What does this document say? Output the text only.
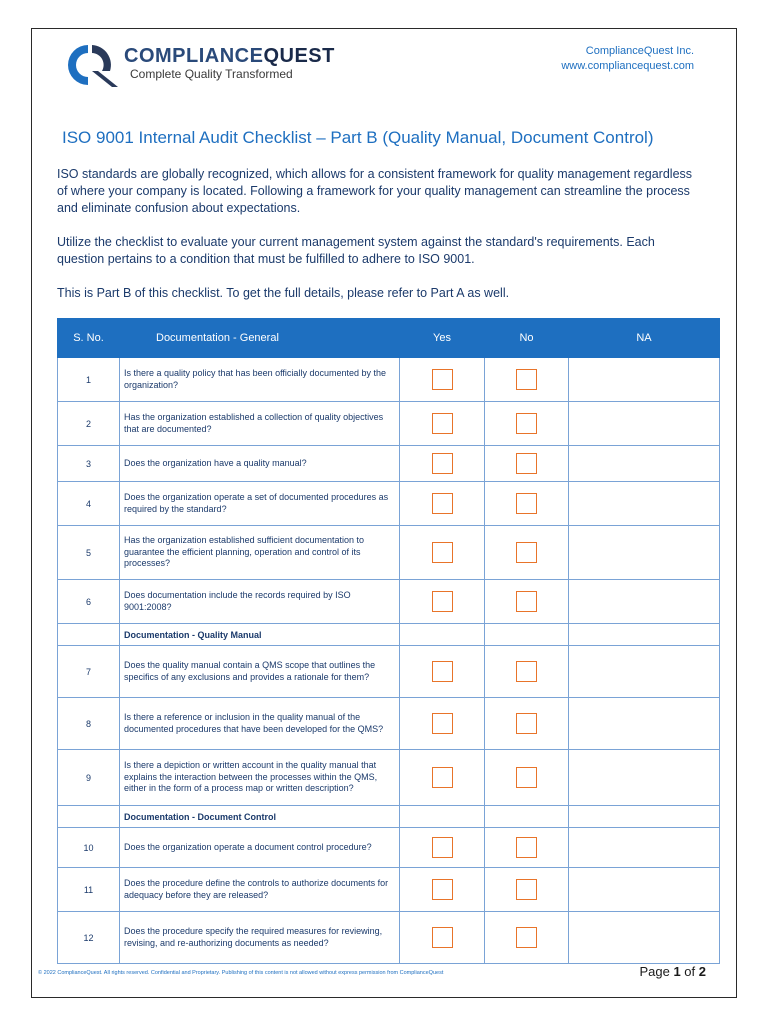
COMPLIANCEQUEST
Complete Quality Transformed
ComplianceQuest Inc.
www.compliancequest.com
ISO 9001 Internal Audit Checklist – Part B (Quality Manual, Document Control)

ISO standards are globally recognized, which allows for a consistent framework for quality management regardless of where your company is located. Following a framework for your quality management can streamline the process and eliminate confusion about expectations.

Utilize the checklist to evaluate your current management system against the standard's requirements. Each question pertains to a condition that must be fulfilled to adhere to ISO 9001.

This is Part B of this checklist. To get the full details, please refer to Part A as well.

S. No.	Documentation - General	Yes	No	NA
1	Is there a quality policy that has been officially documented by the organization?			
2	Has the organization established a collection of quality objectives that are documented?			
3	Does the organization have a quality manual?			
4	Does the organization operate a set of documented procedures as required by the standard?			
5	Has the organization established sufficient documentation to guarantee the efficient planning, operation and control of its processes?			
6	Does documentation include the records required by ISO 9001:2008?			
	Documentation - Quality Manual			
7	Does the quality manual contain a QMS scope that outlines the specifics of any exclusions and provides a rationale for them?			
8	Is there a reference or inclusion in the quality manual of the documented procedures that have been developed for the QMS?			
9	Is there a depiction or written account in the quality manual that explains the interaction between the processes within the QMS, either in the form of a process map or written description?			
	Documentation - Document Control			
10	Does the organization operate a document control procedure?			
11	Does the procedure define the controls to authorize documents for adequacy before they are released?			
12	Does the procedure specify the required measures for reviewing, revising, and re-authorizing documents as needed?			
© 2022 ComplianceQuest. All rights reserved. Confidential and Proprietary. Publishing of this content is not allowed without express permission from ComplianceQuest	Page 1 of 2
